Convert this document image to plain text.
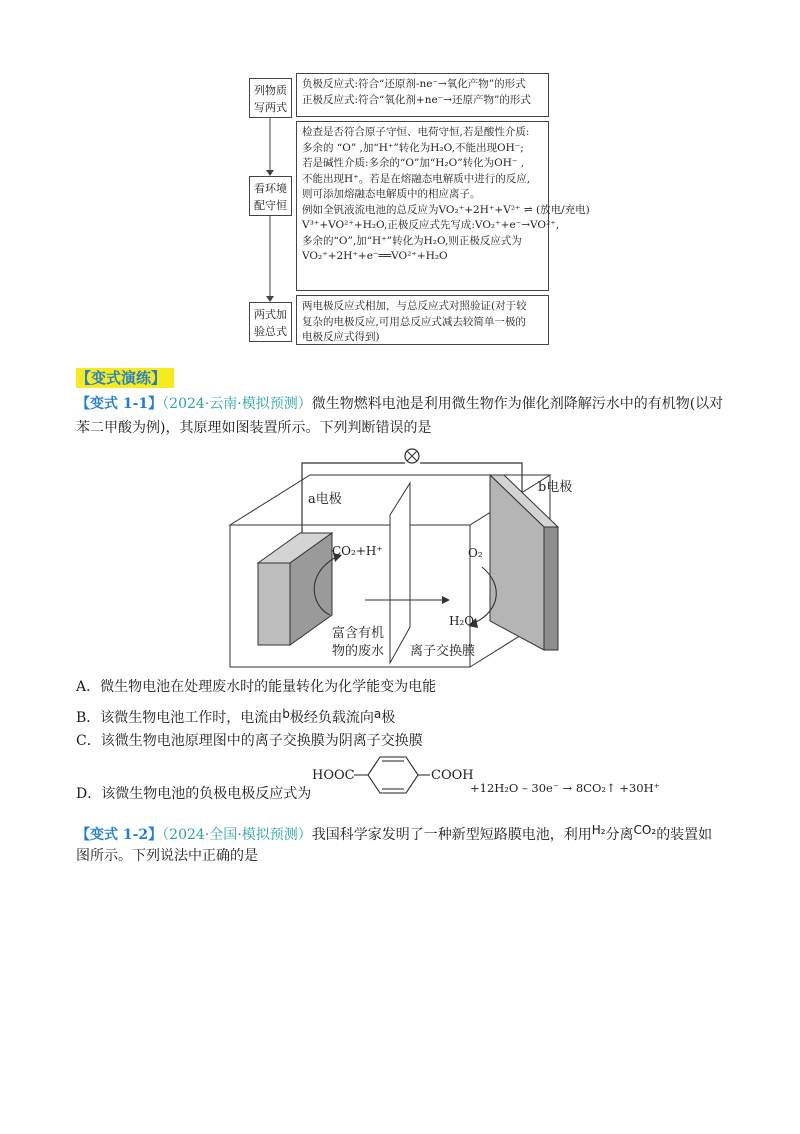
列物质
写两式
负极反应式:符合“还原剂-ne⁻→氧化产物”的形式
正极反应式:符合“氧化剂+ne⁻→还原产物”的形式
看环境
配守恒
检查是否符合原子守恒、电荷守恒,若是酸性介质:
多余的 “O” ,加“H⁺”转化为H₂O,不能出现OH⁻;
若是碱性介质:多余的“O”加“H₂O”转化为OH⁻ ,
不能出现H⁺。若是在熔融态电解质中进行的反应,
则可添加熔融态电解质中的相应离子。
例如全钒液流电池的总反应为VO₂⁺+2H⁺+V²⁺ ⇌ (放电/充电)
V³⁺+VO²⁺+H₂O,正极反应式先写成:VO₂⁺+e⁻→VO²⁺,
多余的“O”,加“H⁺”转化为H₂O,则正极反应式为
VO₂⁺+2H⁺+e⁻══VO²⁺+H₂O
两式加
验总式
两电极反应式相加，与总反应式对照验证(对于较
复杂的电极反应,可用总反应式减去较简单一极的
电极反应式得到)
【变式演练】
【变式 1-1】（2024·云南·模拟预测）微生物燃料电池是利用微生物作为催化剂降解污水中的有机物(以对
苯二甲酸为例)，其原理如图装置所示。下列判断错误的是
a电极
b电极
CO₂+H⁺	O₂
H₂O
富含有机
物的废水 离子交换膜
A．微生物电池在处理废水时的能量转化为化学能变为电能
B．该微生物电池工作时，电流由b极经负载流向a极
C．该微生物电池原理图中的离子交换膜为阴离子交换膜
D．该微生物电池的负极电极反应式为
HOOC	COOH
+12H₂O – 30e⁻ → 8CO₂↑ +30H⁺
【变式 1-2】（2024·全国·模拟预测）我国科学家发明了一种新型短路膜电池，利用H₂分离CO₂的装置如
图所示。下列说法中正确的是
